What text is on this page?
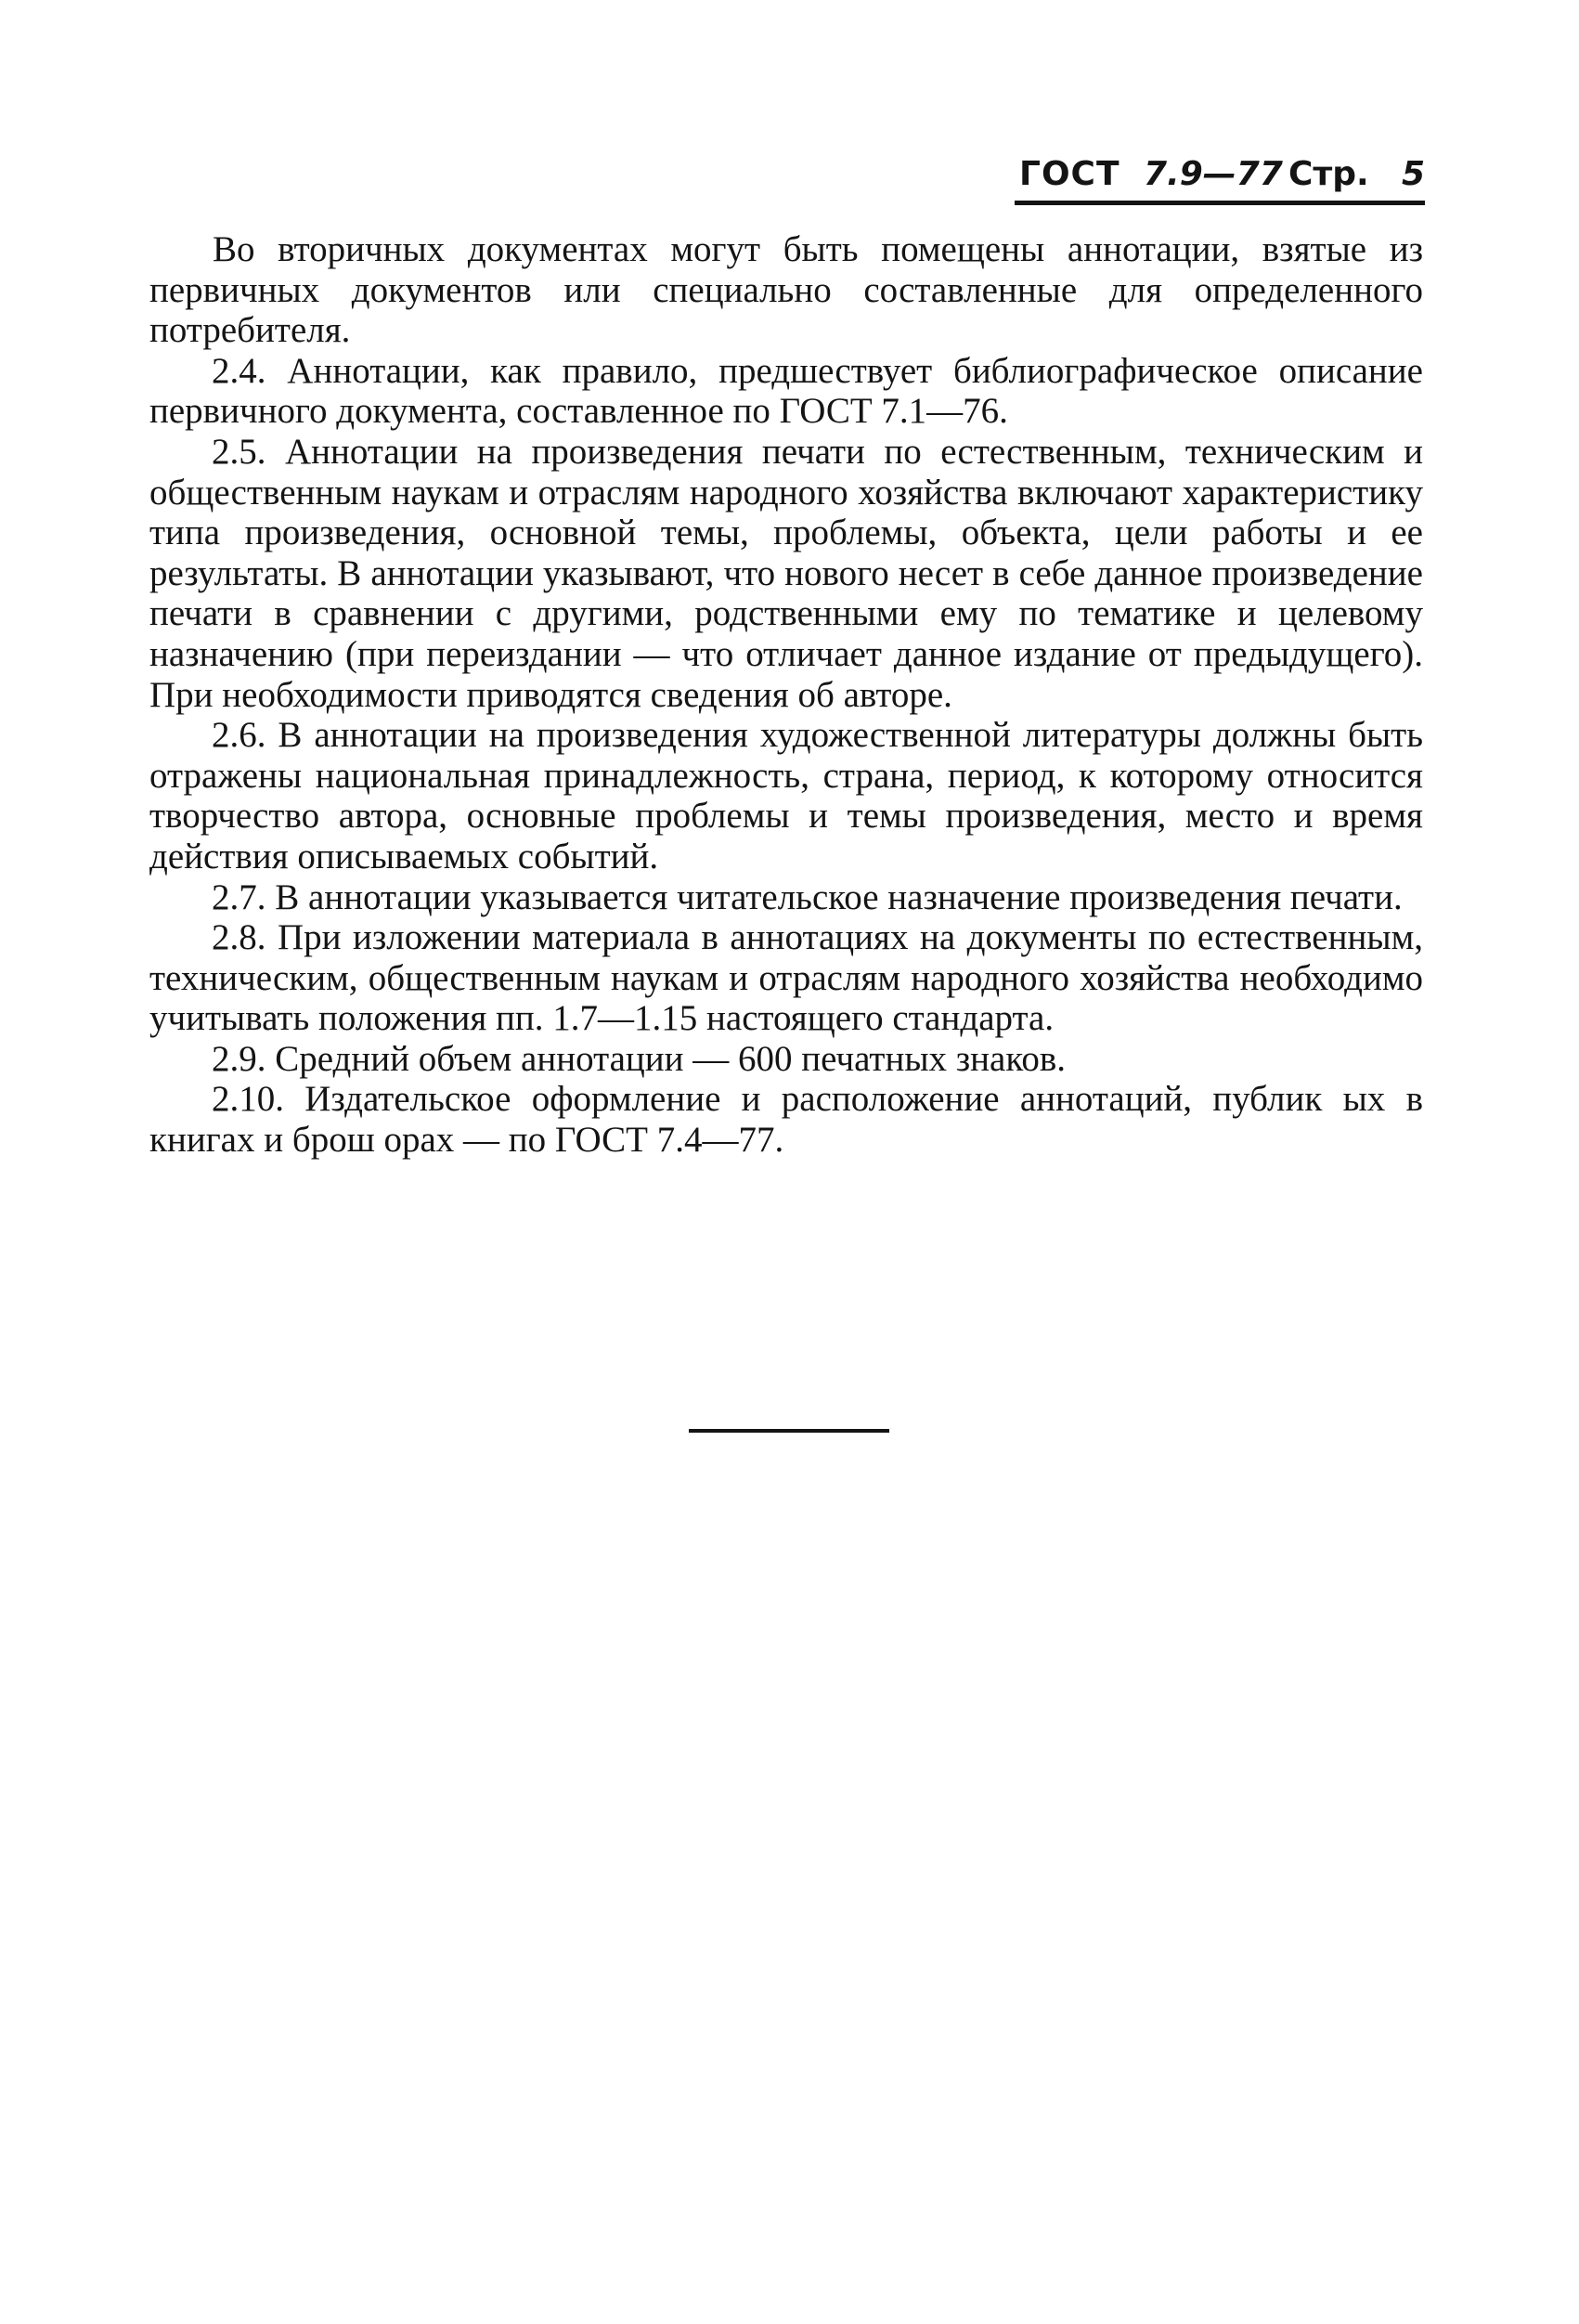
ГОСТ 7.9—77 Стр. 5

Во вторичных документах могут быть помещены аннотации, взятые из первичных документов или специально составленные для определенного потребителя.

2.4. Аннотации, как правило, предшествует библиографическое описание первичного документа, составленное по ГОСТ 7.1—76.

2.5. Аннотации на произведения печати по естественным, техническим и общественным наукам и отраслям народного хозяйства включают характеристику типа произведения, основной темы, проблемы, объекта, цели работы и ее результаты. В аннотации указывают, что нового несет в себе данное произведение печати в сравнении с другими, родственными ему по тематике и целевому назначению (при переиздании — что отличает данное издание от предыдущего). При необходимости приводятся сведения об авторе.

2.6. В аннотации на произведения художественной литературы должны быть отражены национальная принадлежность, страна, период, к которому относится творчество автора, основные проблемы и темы произведения, место и время действия описываемых событий.

2.7. В аннотации указывается читательское назначение произведения печати.

2.8. При изложении материала в аннотациях на документы по естественным, техническим, общественным наукам и отраслям народного хозяйства необходимо учитывать положения пп. 1.7—1.15 настоящего стандарта.

2.9. Средний объем аннотации — 600 печатных знаков.

2.10. Издательское оформление и расположение аннотаций, публик ых в книгах и брош орах — по ГОСТ 7.4—77.
